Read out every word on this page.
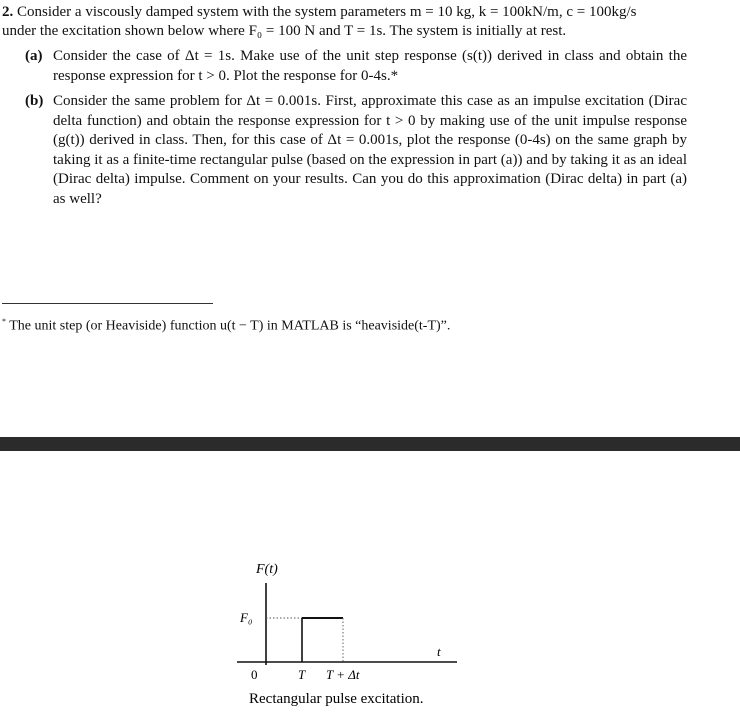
2. Consider a viscously damped system with the system parameters m = 10 kg, k = 100kN/m, c = 100kg/s
under the excitation shown below where F₀ = 100 N and T = 1s. The system is initially at rest.

(a) Consider the case of Δt = 1s. Make use of the unit step response (s(t)) derived in class and obtain the response expression for t > 0. Plot the response for 0-4s.*

(b) Consider the same problem for Δt = 0.001s. First, approximate this case as an impulse excitation (Dirac delta function) and obtain the response expression for t > 0 by making use of the unit impulse response (g(t)) derived in class. Then, for this case of Δt = 0.001s, plot the response (0-4s) on the same graph by taking it as a finite-time rectangular pulse (based on the expression in part (a)) and by taking it as an ideal (Dirac delta) impulse. Comment on your results. Can you do this approximation (Dirac delta) in part (a) as well?

* The unit step (or Heaviside) function u(t − T) in MATLAB is “heaviside(t-T)”.

F(t)
F₀
t
0	T T + Δt
Rectangular pulse excitation.
